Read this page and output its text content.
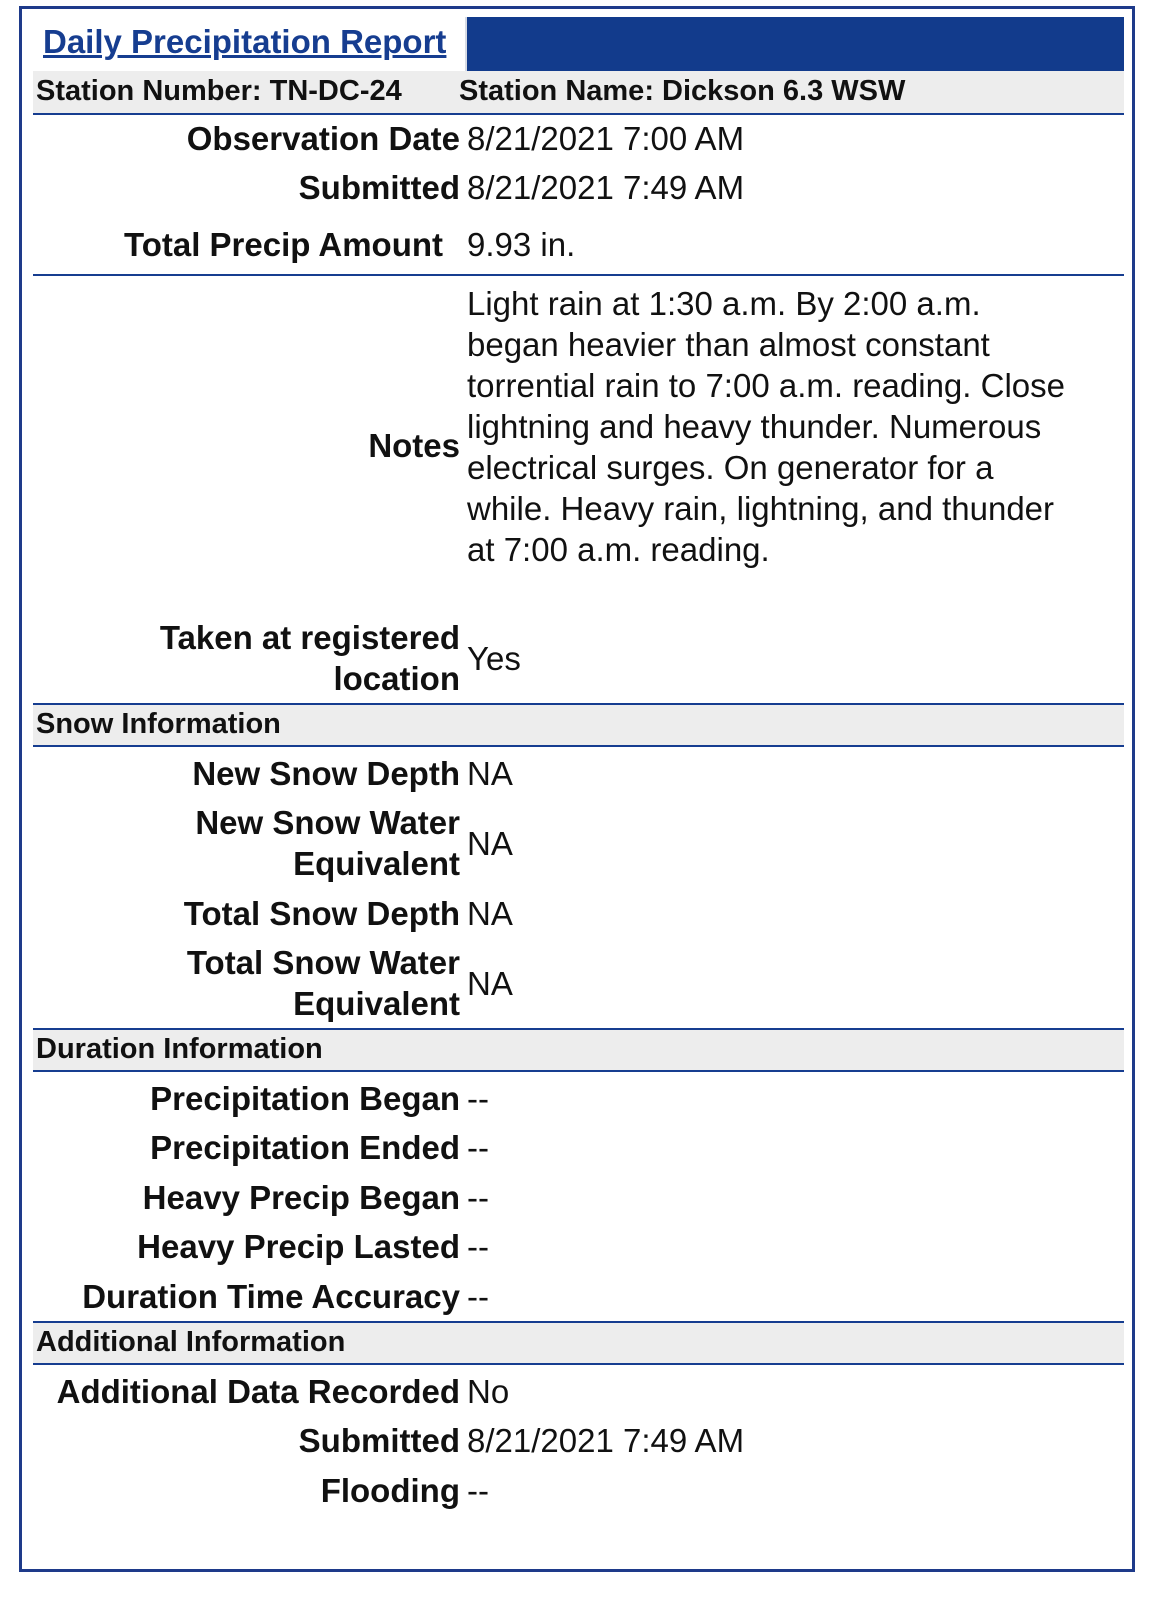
Daily Precipitation Report
Station Number: TN-DC-24 Station Name: Dickson 6.3 WSW
Observation Date 8/21/2021 7:00 AM
Submitted 8/21/2021 7:49 AM
Total Precip Amount 9.93 in.
Notes
Light rain at 1:30 a.m. By 2:00 a.m. began heavier than almost constant torrential rain to 7:00 a.m. reading. Close lightning and heavy thunder. Numerous electrical surges. On generator for a while. Heavy rain, lightning, and thunder at 7:00 a.m. reading.
Taken at registered
location
Yes
Snow Information
New Snow Depth NA
New Snow Water
Equivalent
NA
Total Snow Depth NA
Total Snow Water
Equivalent
NA
Duration Information
Precipitation Began --
Precipitation Ended --
Heavy Precip Began --
Heavy Precip Lasted --
Duration Time Accuracy --
Additional Information
Additional Data Recorded No
Submitted 8/21/2021 7:49 AM
Flooding --
